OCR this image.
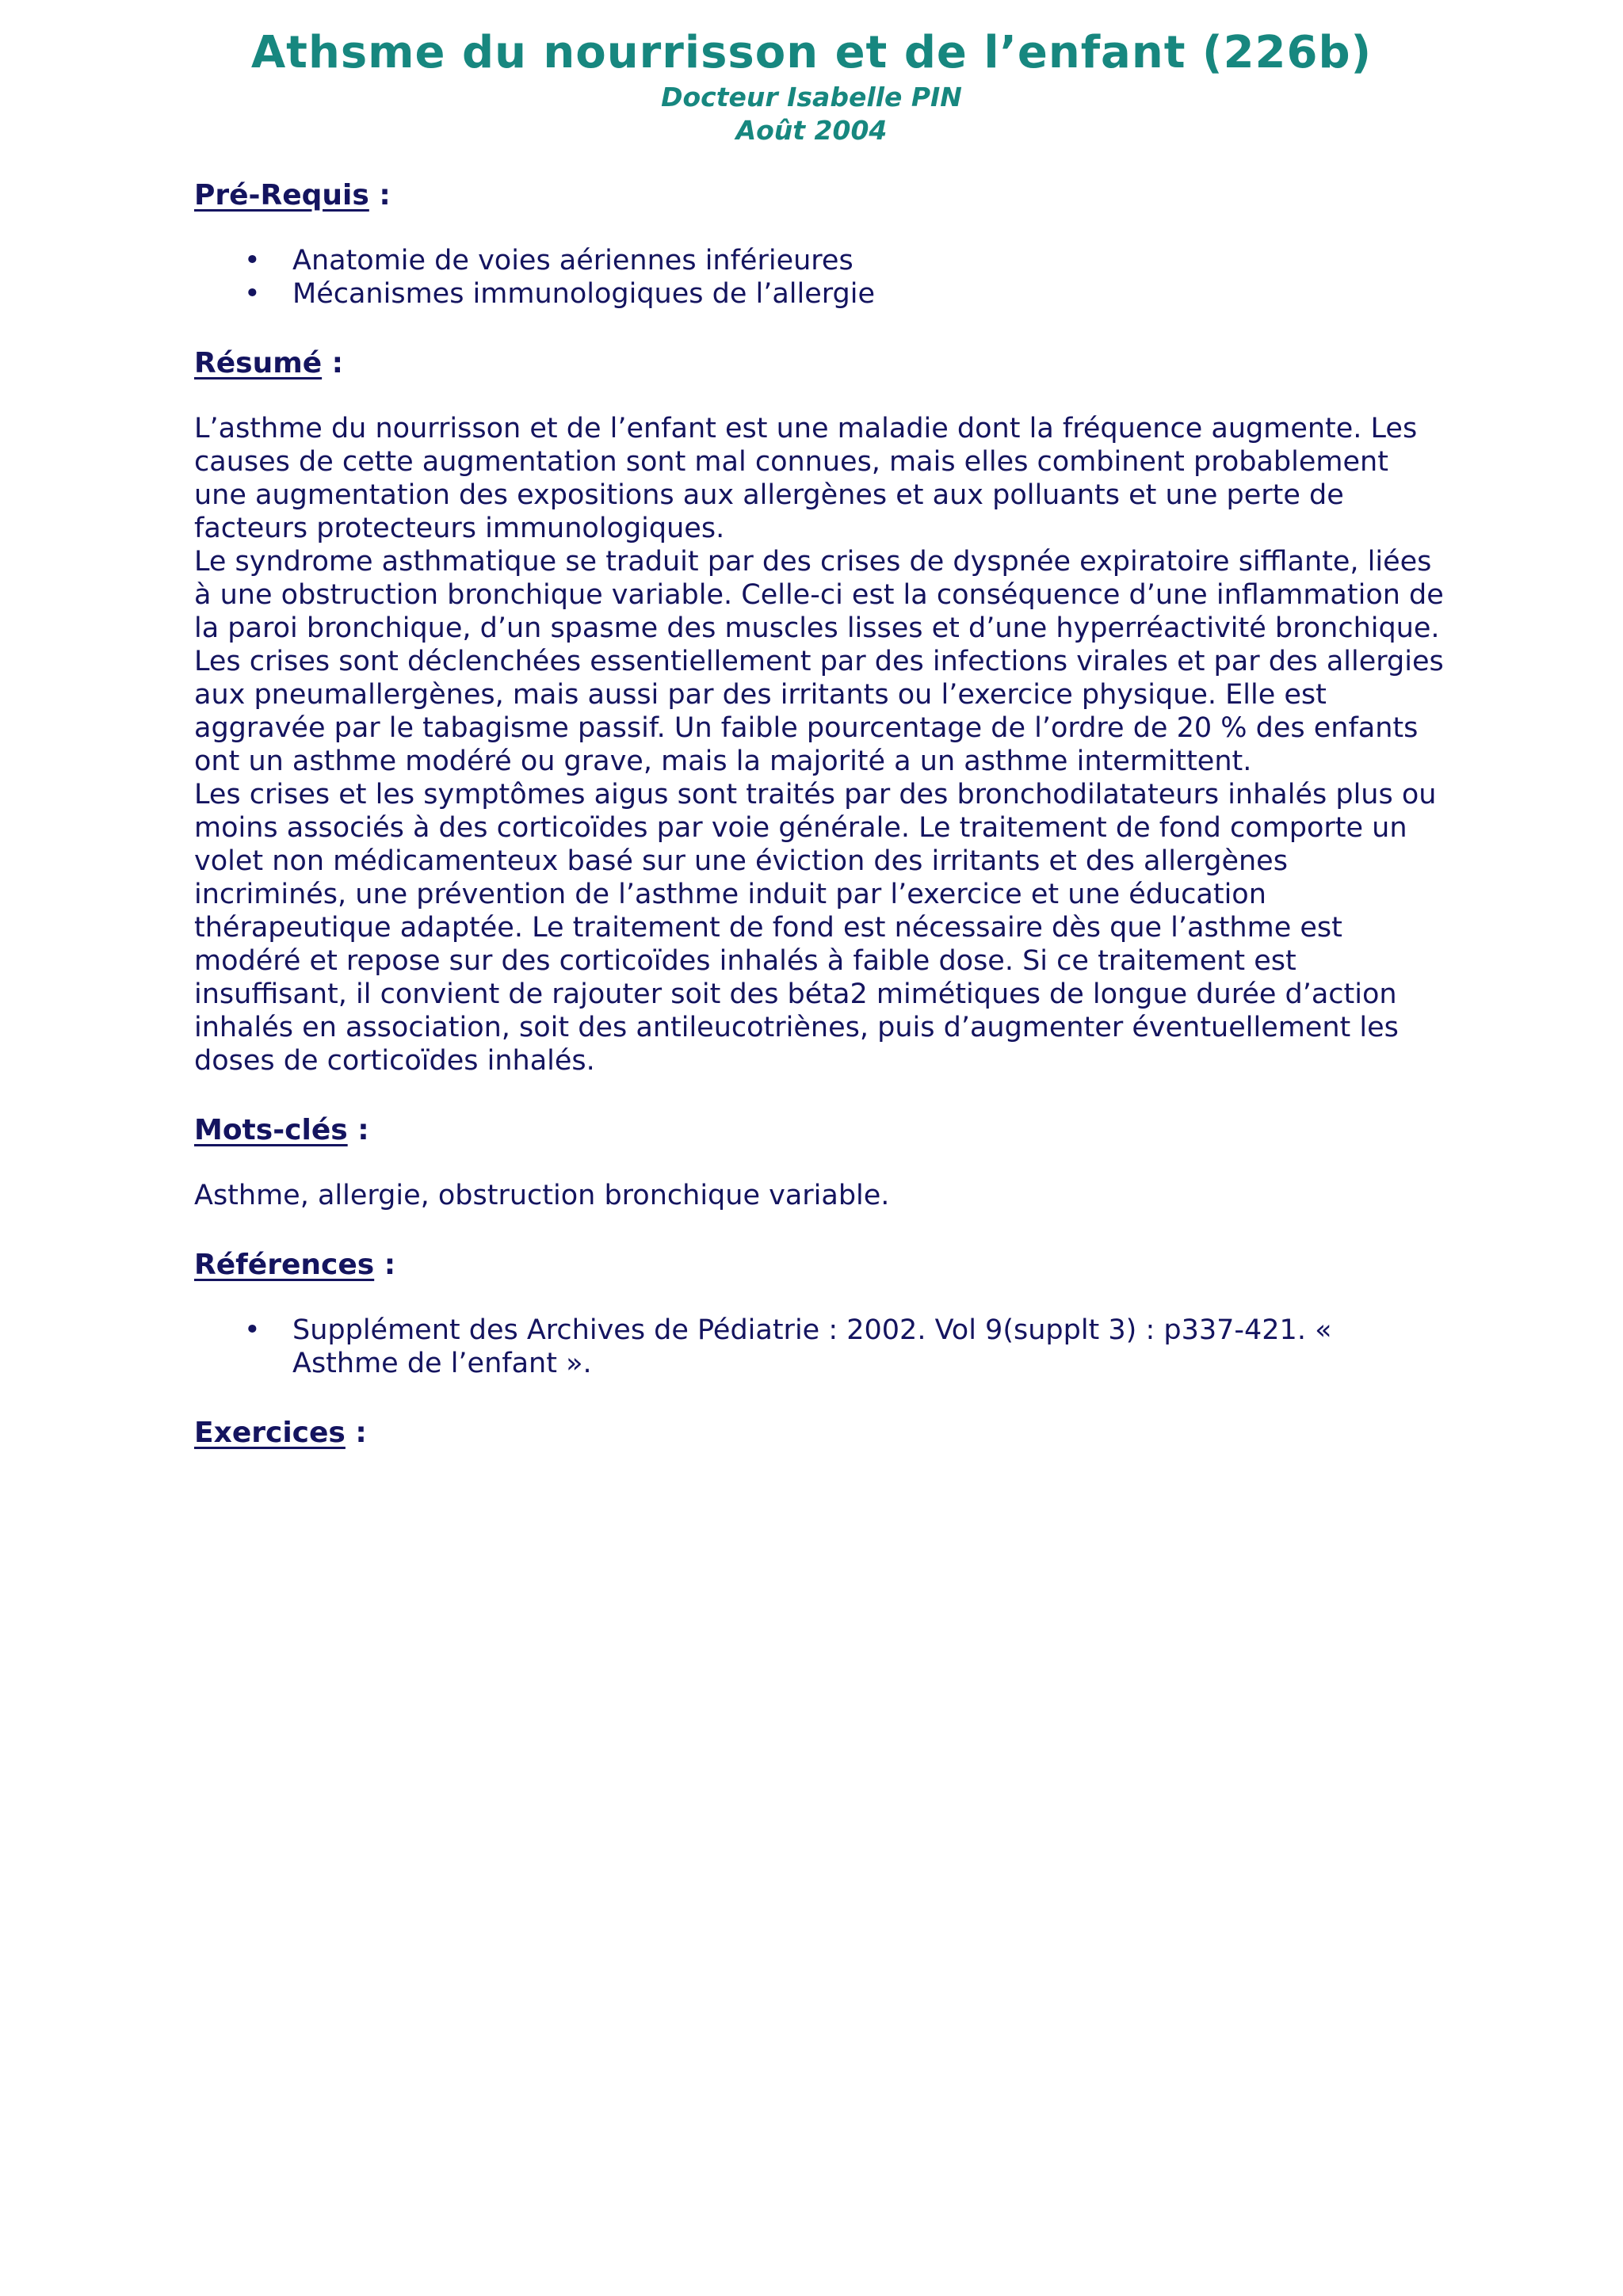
Athsme du nourrisson et de l’enfant (226b)

Docteur Isabelle PIN

Août 2004

Pré-Requis :
• Anatomie de voies aériennes inférieures
• Mécanismes immunologiques de l’allergie
Résumé :

L’asthme du nourrisson et de l’enfant est une maladie dont la fréquence augmente. Les causes de cette augmentation sont mal connues, mais elles combinent probablement une augmentation des expositions aux allergènes et aux polluants et une perte de facteurs protecteurs immunologiques.

Le syndrome asthmatique se traduit par des crises de dyspnée expiratoire sifflante, liées à une obstruction bronchique variable. Celle-ci est la conséquence d’une inflammation de la paroi bronchique, d’un spasme des muscles lisses et d’une hyperréactivité bronchique. Les crises sont déclenchées essentiellement par des infections virales et par des allergies aux pneumallergènes, mais aussi par des irritants ou l’exercice physique. Elle est aggravée par le tabagisme passif. Un faible pourcentage de l’ordre de 20 % des enfants ont un asthme modéré ou grave, mais la majorité a un asthme intermittent.

Les crises et les symptômes aigus sont traités par des bronchodilatateurs inhalés plus ou moins associés à des corticoïdes par voie générale. Le traitement de fond comporte un volet non médicamenteux basé sur une éviction des irritants et des allergènes incriminés, une prévention de l’asthme induit par l’exercice et une éducation thérapeutique adaptée. Le traitement de fond est nécessaire dès que l’asthme est modéré et repose sur des corticoïdes inhalés à faible dose. Si ce traitement est insuffisant, il convient de rajouter soit des béta2 mimétiques de longue durée d’action inhalés en association, soit des antileucotriènes, puis d’augmenter éventuellement les doses de corticoïdes inhalés.

Mots-clés :

Asthme, allergie, obstruction bronchique variable.

Références :
• Supplément des Archives de Pédiatrie : 2002. Vol 9(supplt 3) : p337-421. « Asthme de l’enfant ».
Exercices :
